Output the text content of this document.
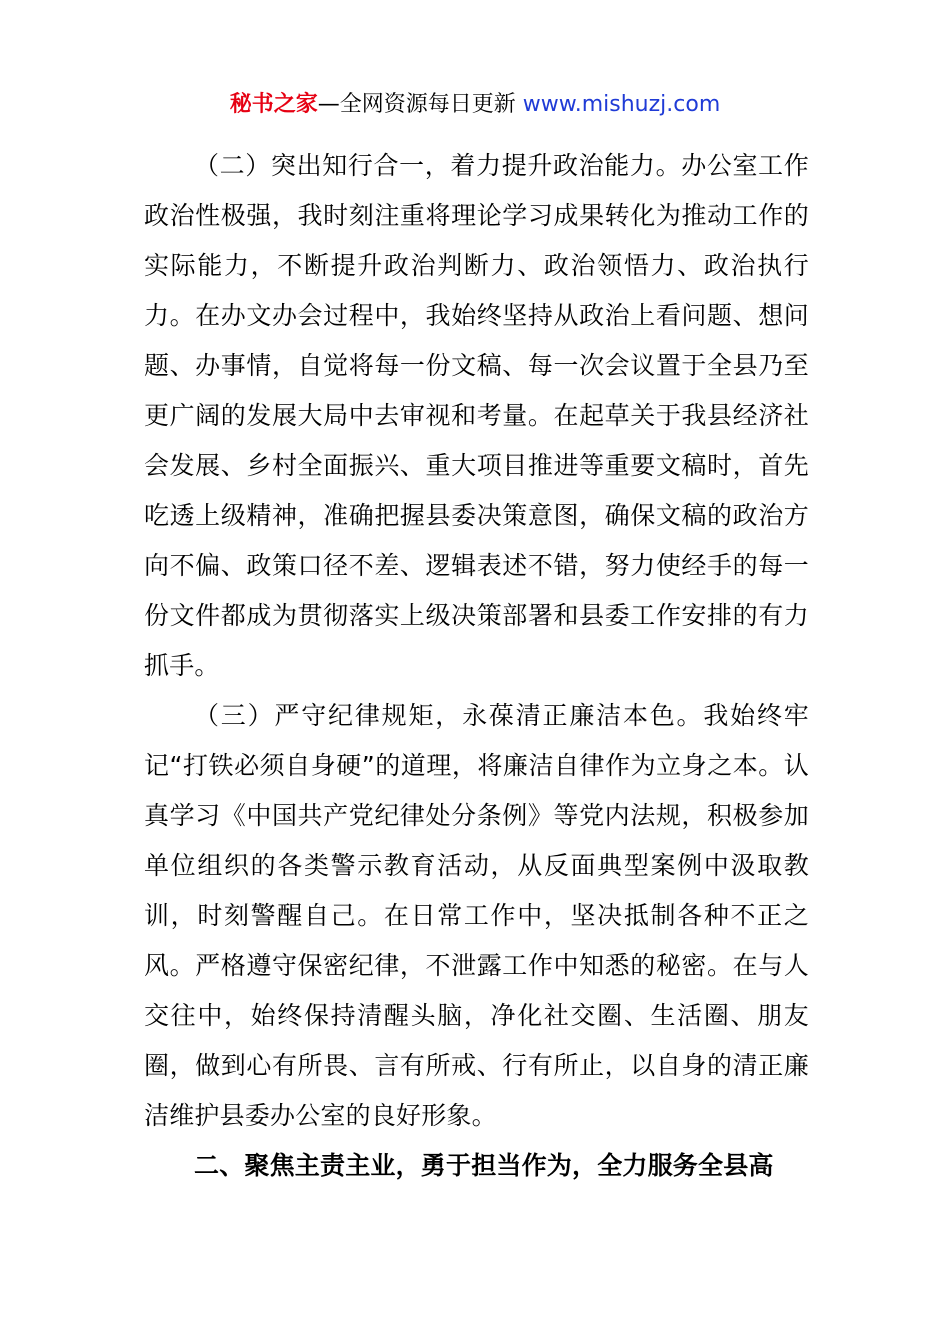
秘书之家—全网资源每日更新 www.mishuzj.com

（二）突出知行合一，着力提升政治能力。办公室工作政治性极强，我时刻注重将理论学习成果转化为推动工作的实际能力，不断提升政治判断力、政治领悟力、政治执行力。在办文办会过程中，我始终坚持从政治上看问题、想问题、办事情，自觉将每一份文稿、每一次会议置于全县乃至更广阔的发展大局中去审视和考量。在起草关于我县经济社会发展、乡村全面振兴、重大项目推进等重要文稿时，首先吃透上级精神，准确把握县委决策意图，确保文稿的政治方向不偏、政策口径不差、逻辑表述不错，努力使经手的每一份文件都成为贯彻落实上级决策部署和县委工作安排的有力抓手。

（三）严守纪律规矩，永葆清正廉洁本色。我始终牢记“打铁必须自身硬”的道理，将廉洁自律作为立身之本。认真学习《中国共产党纪律处分条例》等党内法规，积极参加单位组织的各类警示教育活动，从反面典型案例中汲取教训，时刻警醒自己。在日常工作中，坚决抵制各种不正之风。严格遵守保密纪律，不泄露工作中知悉的秘密。在与人交往中，始终保持清醒头脑，净化社交圈、生活圈、朋友圈，做到心有所畏、言有所戒、行有所止，以自身的清正廉洁维护县委办公室的良好形象。

二、聚焦主责主业，勇于担当作为，全力服务全县高
